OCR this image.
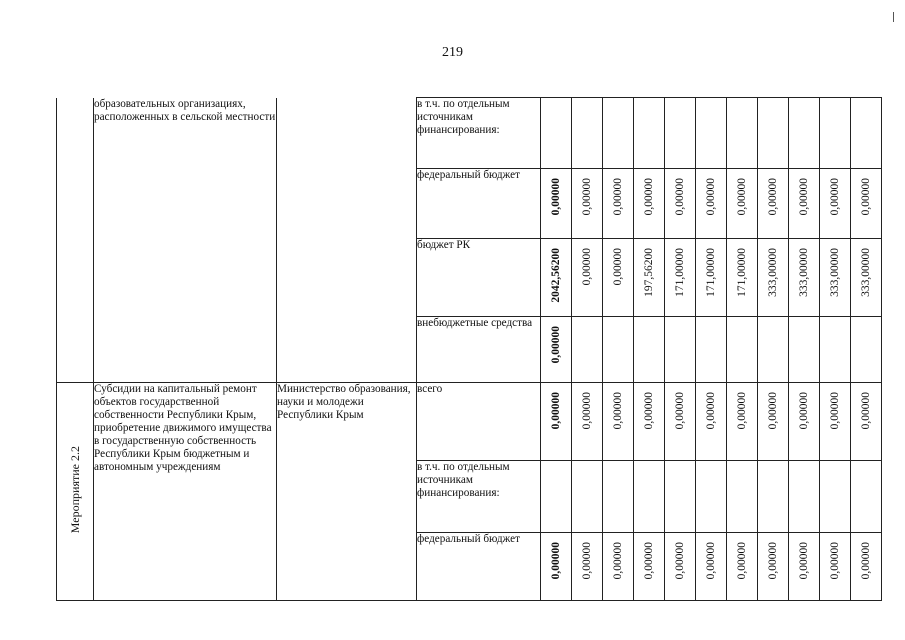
219
	образовательных организациях, расположенных в сельской местности		в т.ч. по отдельным источникам финансирования:											
			федеральный бюджет	0,00000	0,00000	0,00000	0,00000	0,00000	0,00000	0,00000	0,00000	0,00000	0,00000	0,00000
			бюджет РК	2042,56200	0,00000	0,00000	197,56200	171,00000	171,00000	171,00000	333,00000	333,00000	333,00000	333,00000
			внебюджетные средства	0,00000										
Мероприятие 2.2	Субсидии на капитальный ремонт объектов государственной собственности Республики Крым, приобретение движимого имущества в государственную собственность Республики Крым бюджетным и автономным учреждениям	Министерство образования, науки и молодежи Республики Крым	всего	0,00000	0,00000	0,00000	0,00000	0,00000	0,00000	0,00000	0,00000	0,00000	0,00000	0,00000
			в т.ч. по отдельным источникам финансирования:											
			федеральный бюджет	0,00000	0,00000	0,00000	0,00000	0,00000	0,00000	0,00000	0,00000	0,00000	0,00000	0,00000
